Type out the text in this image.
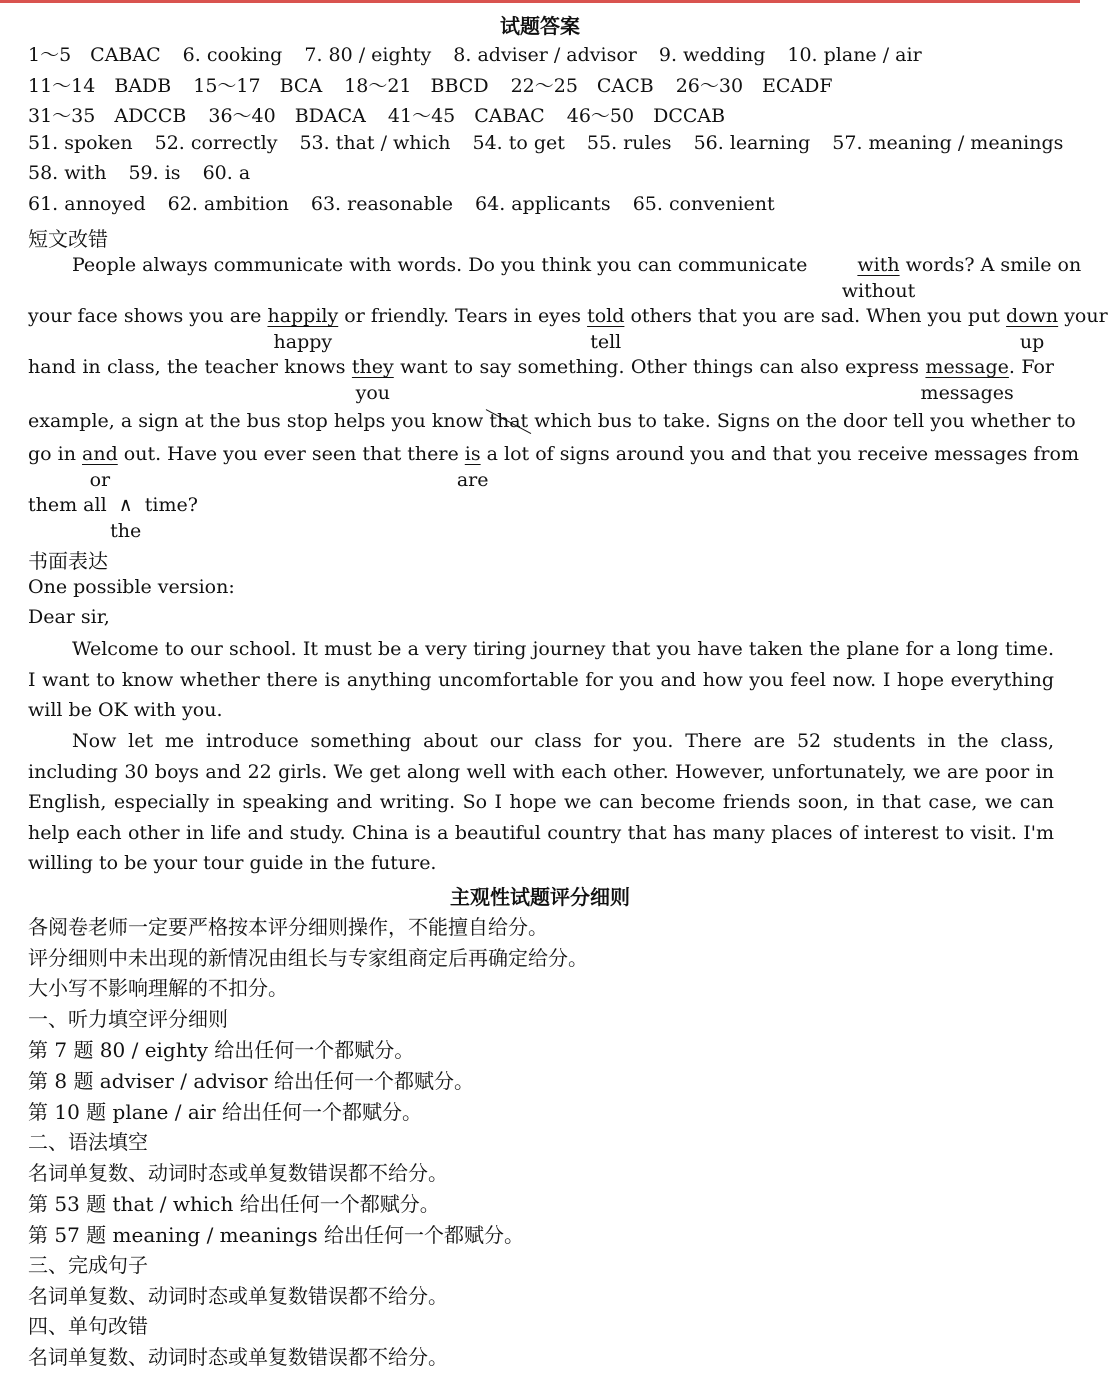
试题答案
1～5　CABAC 6. cooking 7. 80 / eighty 8. adviser / advisor 9. wedding 10. plane / air
11～14　BADB 15～17　BCA 18～21　BBCD 22～25　CACB 26～30　ECADF
31～35　ADCCB 36～40　BDACA 41～45　CABAC 46～50　DCCAB
51. spoken 52. correctly 53. that / which 54. to get 55. rules 56. learning 57. meaning / meanings
58. with 59. is 60. a
61. annoyed 62. ambition 63. reasonable 64. applicants 65. convenient
短文改错
People always communicate with words. Do you think you can communicate	with
without
words? A smile on
your face shows you are happily
happy
or friendly. Tears in eyes told
tell
others that you are sad. When you put down
up
your
hand in class, the teacher knows they
you
want to say something. Other things can also express message
messages
. For
example, a sign at the bus stop helps you know that which bus to take. Signs on the door tell you whether to
go in and
or
out. Have you ever seen that there is
are
a lot of signs around you and that you receive messages from
them all ∧
the
time?
书面表达
One possible version:
Dear sir,
Welcome to our school. It must be a very tiring journey that you have taken the plane for a long time. I want to know whether there is anything uncomfortable for you and how you feel now. I hope everything will be OK with you.
Now let me introduce something about our class for you. There are 52 students in the class, including 30 boys and 22 girls. We get along well with each other. However, unfortunately, we are poor in English, especially in speaking and writing. So I hope we can become friends soon, in that case, we can help each other in life and study. China is a beautiful country that has many places of interest to visit. I'm willing to be your tour guide in the future.
主观性试题评分细则
各阅卷老师一定要严格按本评分细则操作，不能擅自给分。
评分细则中未出现的新情况由组长与专家组商定后再确定给分。
大小写不影响理解的不扣分。
一、听力填空评分细则
第 7 题 80 / eighty 给出任何一个都赋分。
第 8 题 adviser / advisor 给出任何一个都赋分。
第 10 题 plane / air 给出任何一个都赋分。
二、语法填空
名词单复数、动词时态或单复数错误都不给分。
第 53 题 that / which 给出任何一个都赋分。
第 57 题 meaning / meanings 给出任何一个都赋分。
三、完成句子
名词单复数、动词时态或单复数错误都不给分。
四、单句改错
名词单复数、动词时态或单复数错误都不给分。
